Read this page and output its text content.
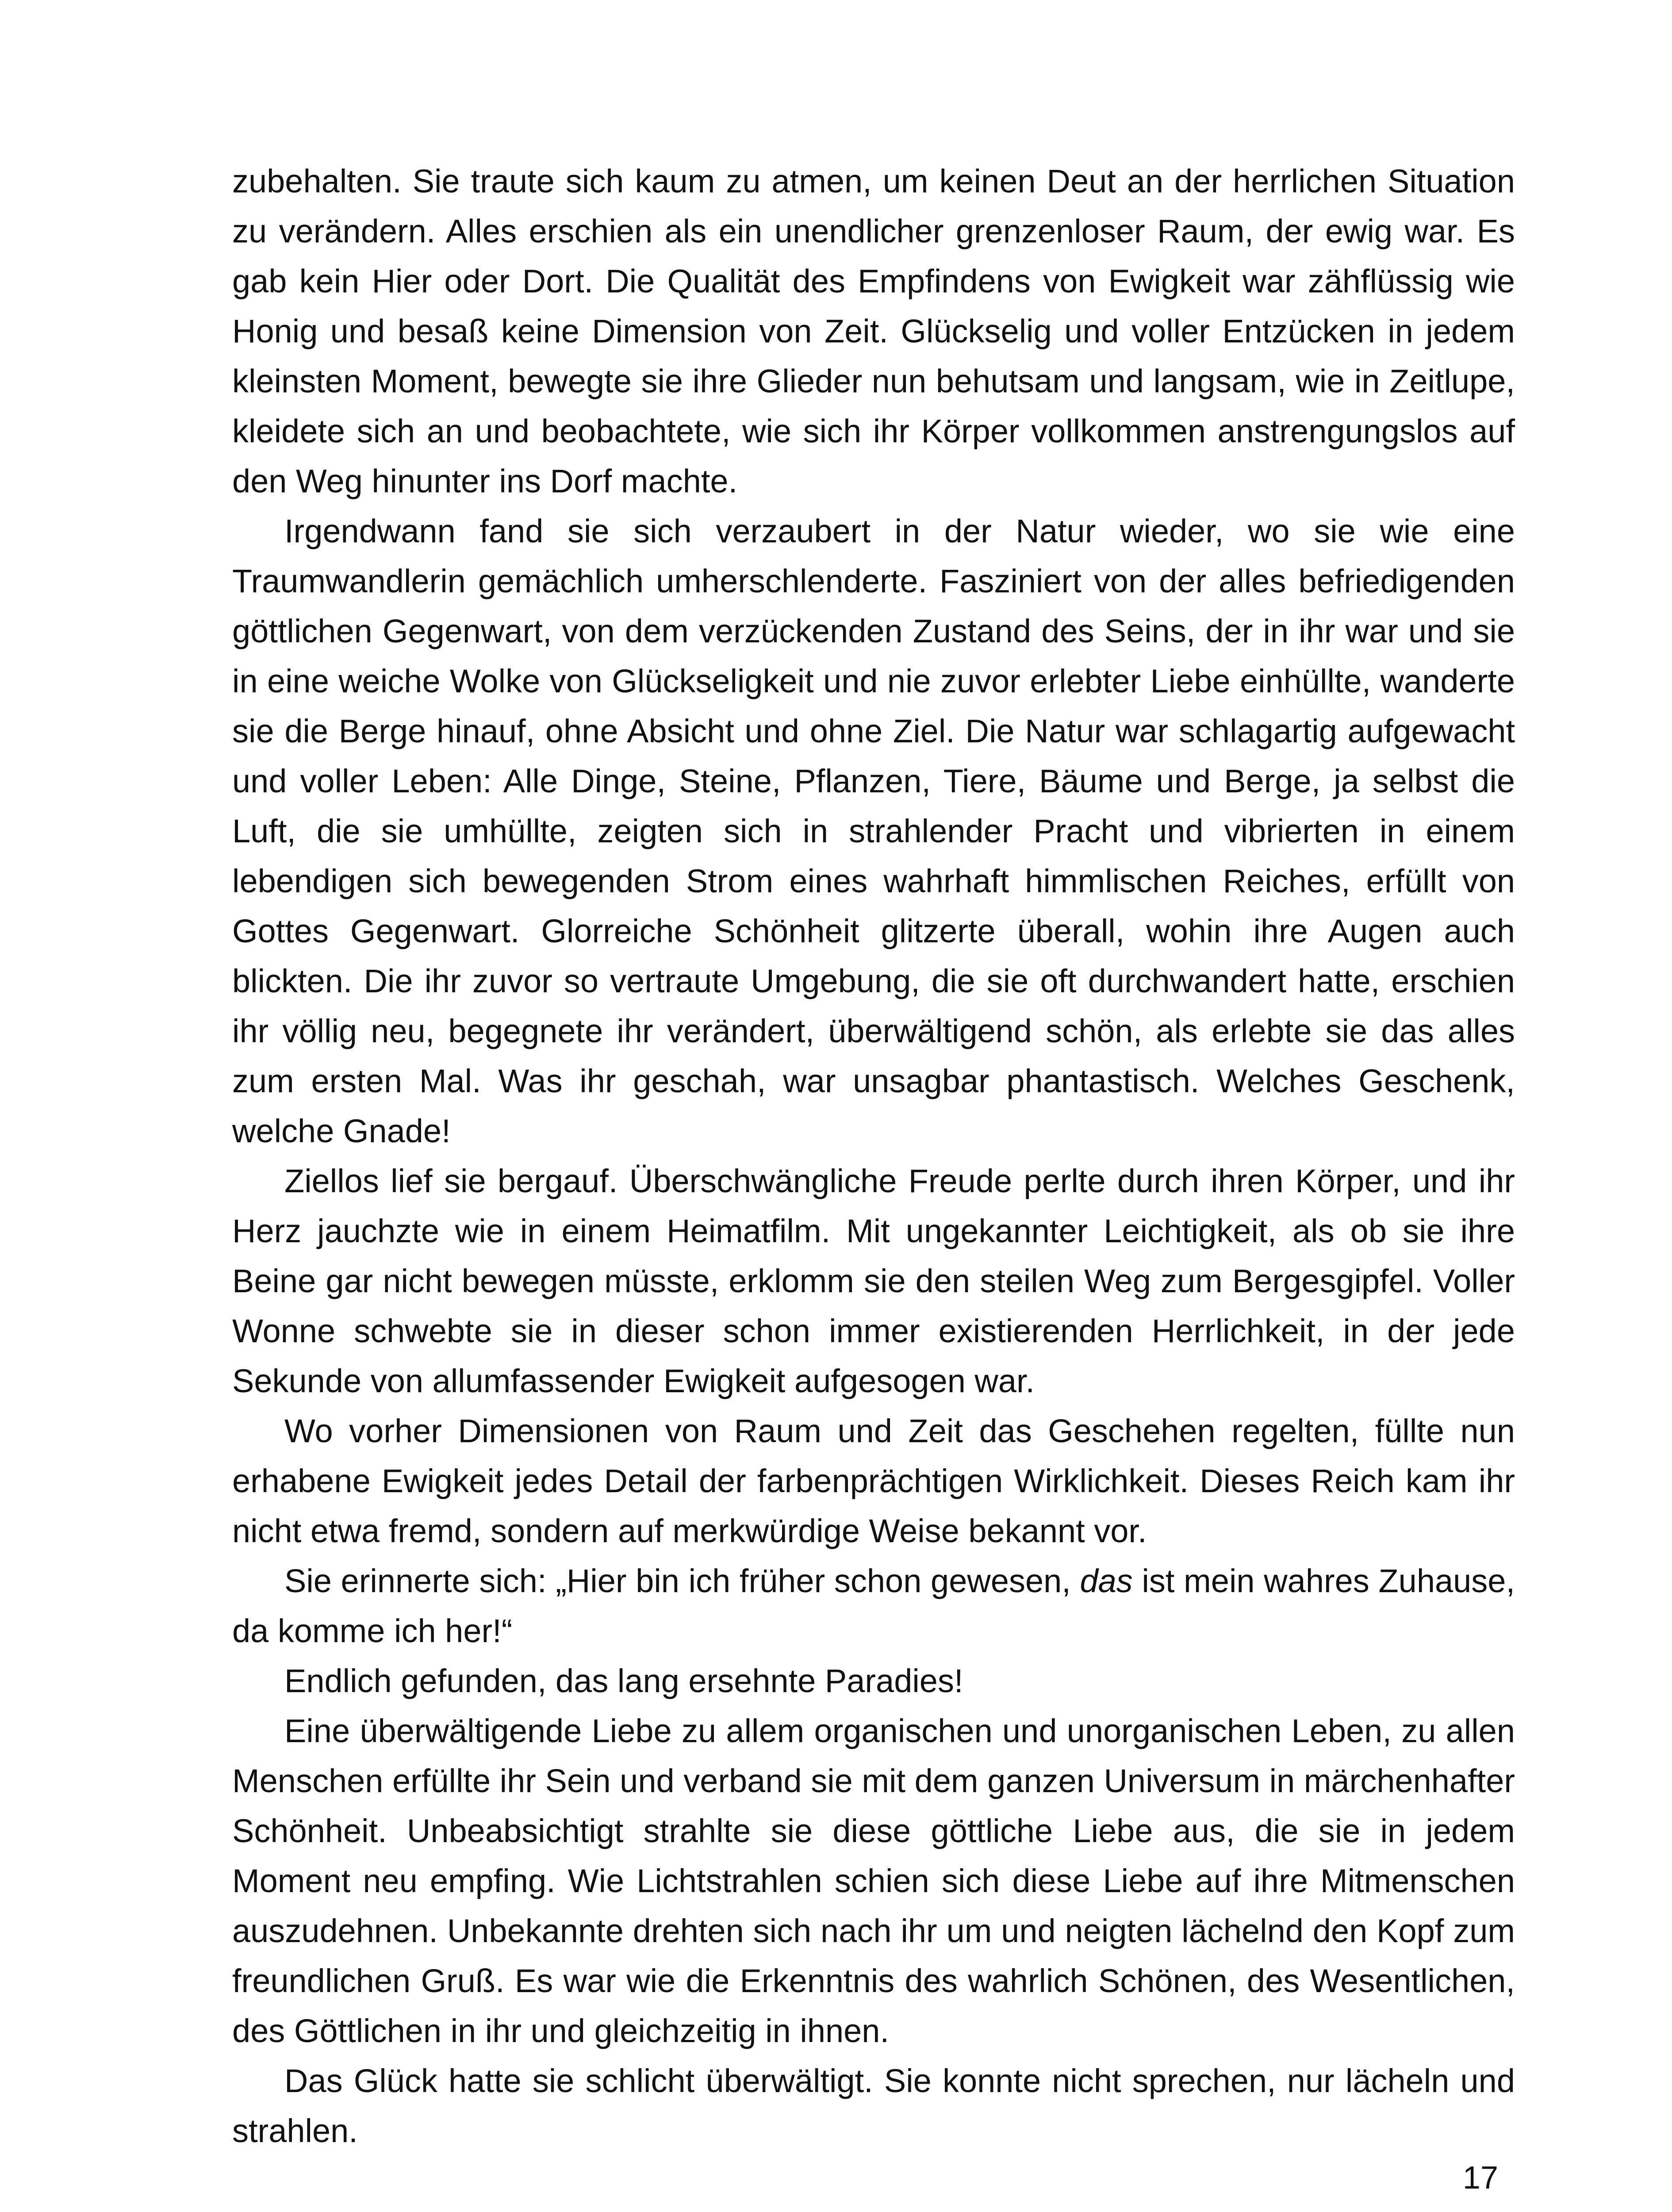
zubehalten. Sie traute sich kaum zu atmen, um keinen Deut an der herrlichen Situation zu verändern. Alles erschien als ein unendlicher grenzenloser Raum, der ewig war. Es gab kein Hier oder Dort. Die Qualität des Empfindens von Ewigkeit war zähflüssig wie Honig und besaß keine Dimension von Zeit. Glückselig und voller Entzücken in jedem kleinsten Moment, bewegte sie ihre Glieder nun behutsam und langsam, wie in Zeitlupe, kleidete sich an und beobachtete, wie sich ihr Körper vollkommen anstrengungslos auf den Weg hinunter ins Dorf machte.

Irgendwann fand sie sich verzaubert in der Natur wieder, wo sie wie eine Traumwandlerin gemächlich umherschlenderte. Fasziniert von der alles befriedigenden göttlichen Gegenwart, von dem verzückenden Zustand des Seins, der in ihr war und sie in eine weiche Wolke von Glückseligkeit und nie zuvor erlebter Liebe einhüllte, wanderte sie die Berge hinauf, ohne Absicht und ohne Ziel. Die Natur war schlagartig aufgewacht und voller Leben: Alle Dinge, Steine, Pflanzen, Tiere, Bäume und Berge, ja selbst die Luft, die sie umhüllte, zeigten sich in strahlender Pracht und vibrierten in einem lebendigen sich bewegenden Strom eines wahrhaft himmlischen Reiches, erfüllt von Gottes Gegenwart. Glorreiche Schönheit glitzerte überall, wohin ihre Augen auch blickten. Die ihr zuvor so vertraute Umgebung, die sie oft durchwandert hatte, erschien ihr völlig neu, begegnete ihr verändert, überwältigend schön, als erlebte sie das alles zum ersten Mal. Was ihr geschah, war unsagbar phantastisch. Welches Geschenk, welche Gnade!

Ziellos lief sie bergauf. Überschwängliche Freude perlte durch ihren Körper, und ihr Herz jauchzte wie in einem Heimatfilm. Mit ungekannter Leichtigkeit, als ob sie ihre Beine gar nicht bewegen müsste, erklomm sie den steilen Weg zum Bergesgipfel. Voller Wonne schwebte sie in dieser schon immer existierenden Herrlichkeit, in der jede Sekunde von allumfassender Ewigkeit aufgesogen war.

Wo vorher Dimensionen von Raum und Zeit das Geschehen regelten, füllte nun erhabene Ewigkeit jedes Detail der farbenprächtigen Wirklichkeit. Dieses Reich kam ihr nicht etwa fremd, sondern auf merkwürdige Weise bekannt vor.

Sie erinnerte sich: „Hier bin ich früher schon gewesen, das ist mein wahres Zuhause, da komme ich her!“

Endlich gefunden, das lang ersehnte Paradies!

Eine überwältigende Liebe zu allem organischen und unorganischen Leben, zu allen Menschen erfüllte ihr Sein und verband sie mit dem ganzen Universum in märchenhafter Schönheit. Unbeabsichtigt strahlte sie diese göttliche Liebe aus, die sie in jedem Moment neu empfing. Wie Lichtstrahlen schien sich diese Liebe auf ihre Mitmenschen auszudehnen. Unbekannte drehten sich nach ihr um und neigten lächelnd den Kopf zum freundlichen Gruß. Es war wie die Erkenntnis des wahrlich Schönen, des Wesentlichen, des Göttlichen in ihr und gleichzeitig in ihnen.

Das Glück hatte sie schlicht überwältigt. Sie konnte nicht sprechen, nur lächeln und strahlen.

17
